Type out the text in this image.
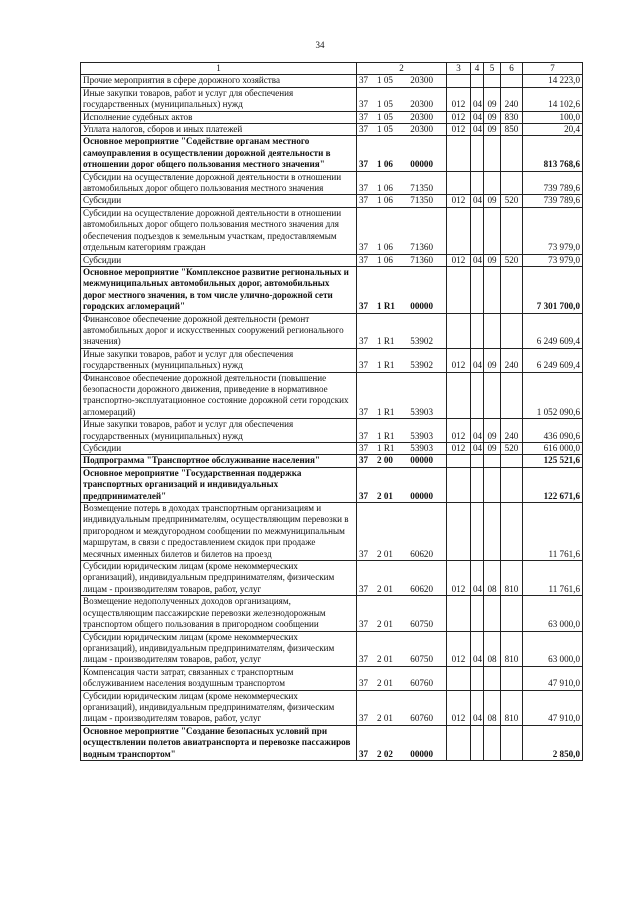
34
1	2	3	4	5	6	7
Прочие мероприятия в сфере дорожного хозяйства	37 1 05 20300					14 223,0
Иные закупки товаров, работ и услуг для обеспечения государственных (муниципальных) нужд	37 1 05 20300	012	04	09	240	14 102,6
Исполнение судебных актов	37 1 05 20300	012	04	09	830	100,0
Уплата налогов, сборов и иных платежей	37 1 05 20300	012	04	09	850	20,4
Основное мероприятие "Содействие органам местного самоуправления в осуществлении дорожной деятельности в отношении дорог общего пользования местного значения"	37 1 06 00000					813 768,6
Субсидии на осуществление дорожной деятельности в отношении автомобильных дорог общего пользования местного значения	37 1 06 71350					739 789,6
Субсидии	37 1 06 71350	012	04	09	520	739 789,6
Субсидии на осуществление дорожной деятельности в отношении автомобильных дорог общего пользования местного значения для обеспечения подъездов к земельным участкам, предоставляемым отдельным категориям граждан	37 1 06 71360					73 979,0
Субсидии	37 1 06 71360	012	04	09	520	73 979,0
Основное мероприятие "Комплексное развитие региональных и межмуниципальных автомобильных дорог, автомобильных дорог местного значения, в том числе улично-дорожной сети городских агломераций"	37 1 R1 00000					7 301 700,0
Финансовое обеспечение дорожной деятельности (ремонт автомобильных дорог и искусственных сооружений регионального значения)	37 1 R1 53902					6 249 609,4
Иные закупки товаров, работ и услуг для обеспечения государственных (муниципальных) нужд	37 1 R1 53902	012	04	09	240	6 249 609,4
Финансовое обеспечение дорожной деятельности (повышение безопасности дорожного движения, приведение в нормативное транспортно-эксплуатационное состояние дорожной сети городских агломераций)	37 1 R1 53903					1 052 090,6
Иные закупки товаров, работ и услуг для обеспечения государственных (муниципальных) нужд	37 1 R1 53903	012	04	09	240	436 090,6
Субсидии	37 1 R1 53903	012	04	09	520	616 000,0
Подпрограмма "Транспортное обслуживание населения"	37 2 00 00000					125 521,6
Основное мероприятие "Государственная поддержка транспортных организаций и индивидуальных предпринимателей"	37 2 01 00000					122 671,6
Возмещение потерь в доходах транспортным организациям и индивидуальным предпринимателям, осуществляющим перевозки в пригородном и междугородном сообщении по межмуниципальным маршрутам, в связи с предоставлением скидок при продаже месячных именных билетов и билетов на проезд	37 2 01 60620					11 761,6
Субсидии юридическим лицам (кроме некоммерческих организаций), индивидуальным предпринимателям, физическим лицам - производителям товаров, работ, услуг	37 2 01 60620	012	04	08	810	11 761,6
Возмещение недополученных доходов организациям, осуществляющим пассажирские перевозки железнодорожным транспортом общего пользования в пригородном сообщении	37 2 01 60750					63 000,0
Субсидии юридическим лицам (кроме некоммерческих организаций), индивидуальным предпринимателям, физическим лицам - производителям товаров, работ, услуг	37 2 01 60750	012	04	08	810	63 000,0
Компенсация части затрат, связанных с транспортным обслуживанием населения воздушным транспортом	37 2 01 60760					47 910,0
Субсидии юридическим лицам (кроме некоммерческих организаций), индивидуальным предпринимателям, физическим лицам - производителям товаров, работ, услуг	37 2 01 60760	012	04	08	810	47 910,0
Основное мероприятие "Создание безопасных условий при осуществлении полетов авиатранспорта и перевозке пассажиров водным транспортом"	37 2 02 00000					2 850,0
